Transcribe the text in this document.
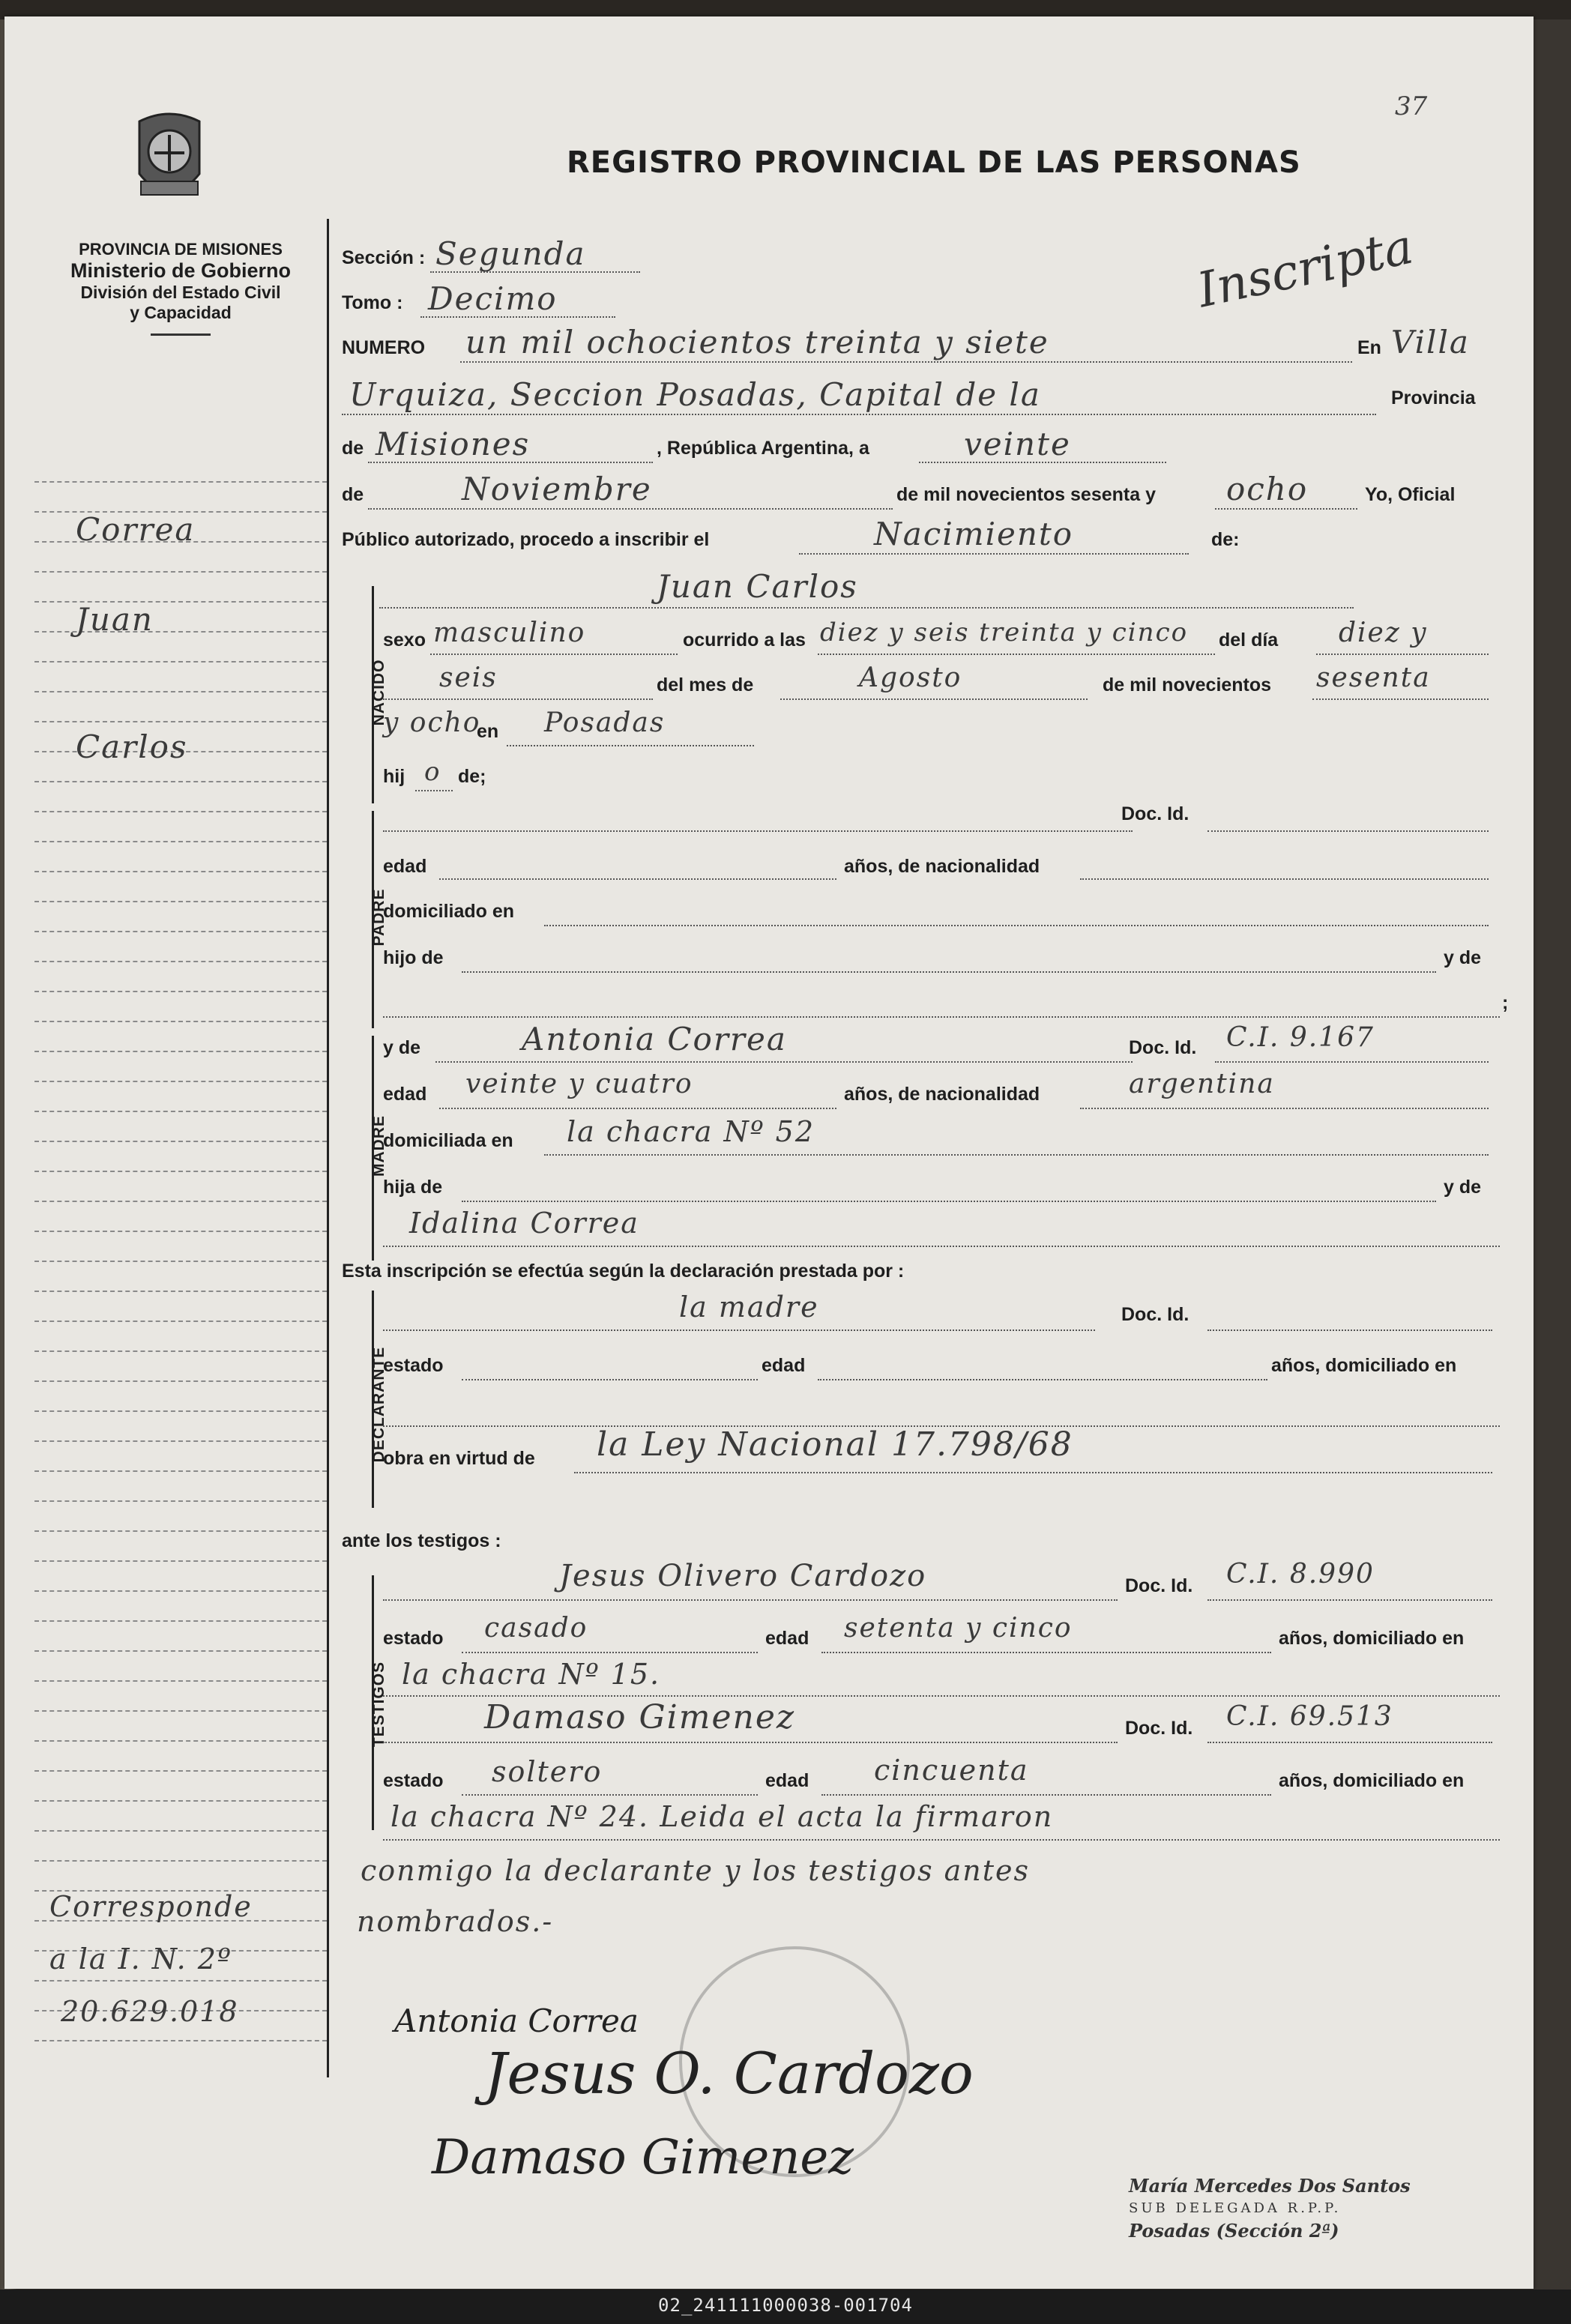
37
REGISTRO PROVINCIAL DE LAS PERSONAS
PROVINCIA DE MISIONES
Ministerio de Gobierno
División del Estado Civil
y Capacidad
Correa
Juan
Carlos
Corresponde
a la I. N. 2º
20.629.018
Inscripta
Sección : Segunda
Tomo : Decimo
NUMERO un mil ochocientos treinta y siete	En Villa
Urquiza, Seccion Posadas, Capital de la	Provincia
de Misiones	, República Argentina, a	veinte
de	Noviembre	de mil novecientos sesenta y ocho	Yo, Oficial
Público autorizado, procedo a inscribir el	Nacimiento	de:
NACIDO
Juan Carlos
sexo masculino	ocurrido a las diez y seis treinta y cinco del día diez y
seis	del mes de	Agosto	de mil novecientos sesenta
y ocho
en Posadas
hij o de;
PADRE
Doc. Id.
edad	años, de nacionalidad
domiciliado en
hijo de	y de
;
MADRE
y de	Antonia Correa	Doc. Id. C.I. 9.167
edad veinte y cuatro	años, de nacionalidad	argentina
domiciliada en la chacra Nº 52
hija de	y de
Idalina Correa
Esta inscripción se efectúa según la declaración prestada por :
DECLARANTE
la madre	Doc. Id.
estado	edad	años, domiciliado en
obra en virtud de la Ley Nacional 17.798/68
ante los testigos :
TESTIGOS
Jesus Olivero Cardozo	Doc. Id. C.I. 8.990
estado casado	edad setenta y cinco	años, domiciliado en
la chacra Nº 15.
Damaso Gimenez	Doc. Id. C.I. 69.513
estado soltero	edad cincuenta	años, domiciliado en
la chacra Nº 24. Leida el acta la firmaron
conmigo la declarante y los testigos antes
nombrados.-
Antonia Correa
Jesus O. Cardozo
Damaso Gimenez
María Mercedes Dos Santos
SUB DELEGADA R.P.P.
Posadas (Sección 2ª)
02_241111000038-001704
